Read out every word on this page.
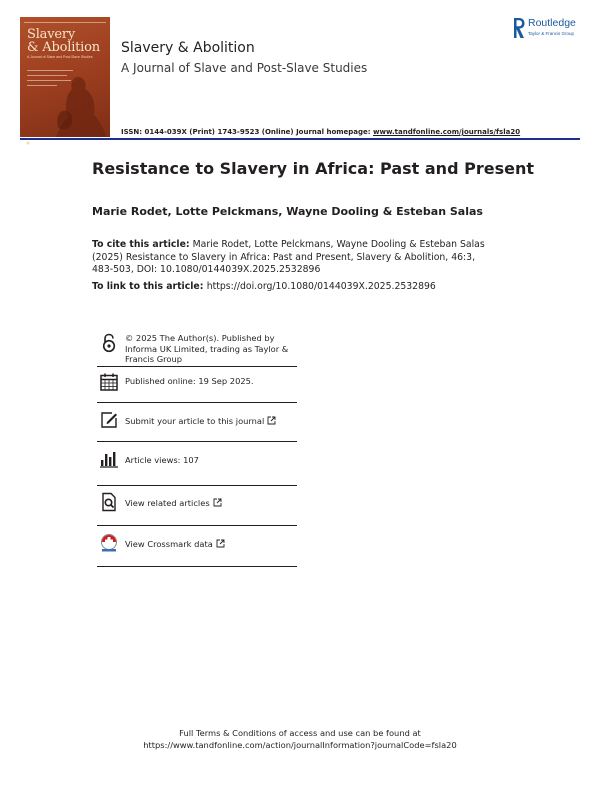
Slavery
& Abolition
A Journal of Slave and Post-Slave Studies
▣
Slavery & Abolition
A Journal of Slave and Post-Slave Studies
ISSN: 0144-039X (Print) 1743-9523 (Online) Journal homepage: www.tandfonline.com/journals/fsla20
Routledge
Taylor & Francis Group
Resistance to Slavery in Africa: Past and Present
Marie Rodet, Lotte Pelckmans, Wayne Dooling & Esteban Salas
To cite this article: Marie Rodet, Lotte Pelckmans, Wayne Dooling & Esteban Salas (2025) Resistance to Slavery in Africa: Past and Present, Slavery & Abolition, 46:3, 483-503, DOI: 10.1080/0144039X.2025.2532896
To link to this article: https://doi.org/10.1080/0144039X.2025.2532896
© 2025 The Author(s). Published by Informa UK Limited, trading as Taylor & Francis Group
Published online: 19 Sep 2025.
Submit your article to this journal
Article views: 107
View related articles
View Crossmark data
Full Terms & Conditions of access and use can be found at
https://www.tandfonline.com/action/journalInformation?journalCode=fsla20
